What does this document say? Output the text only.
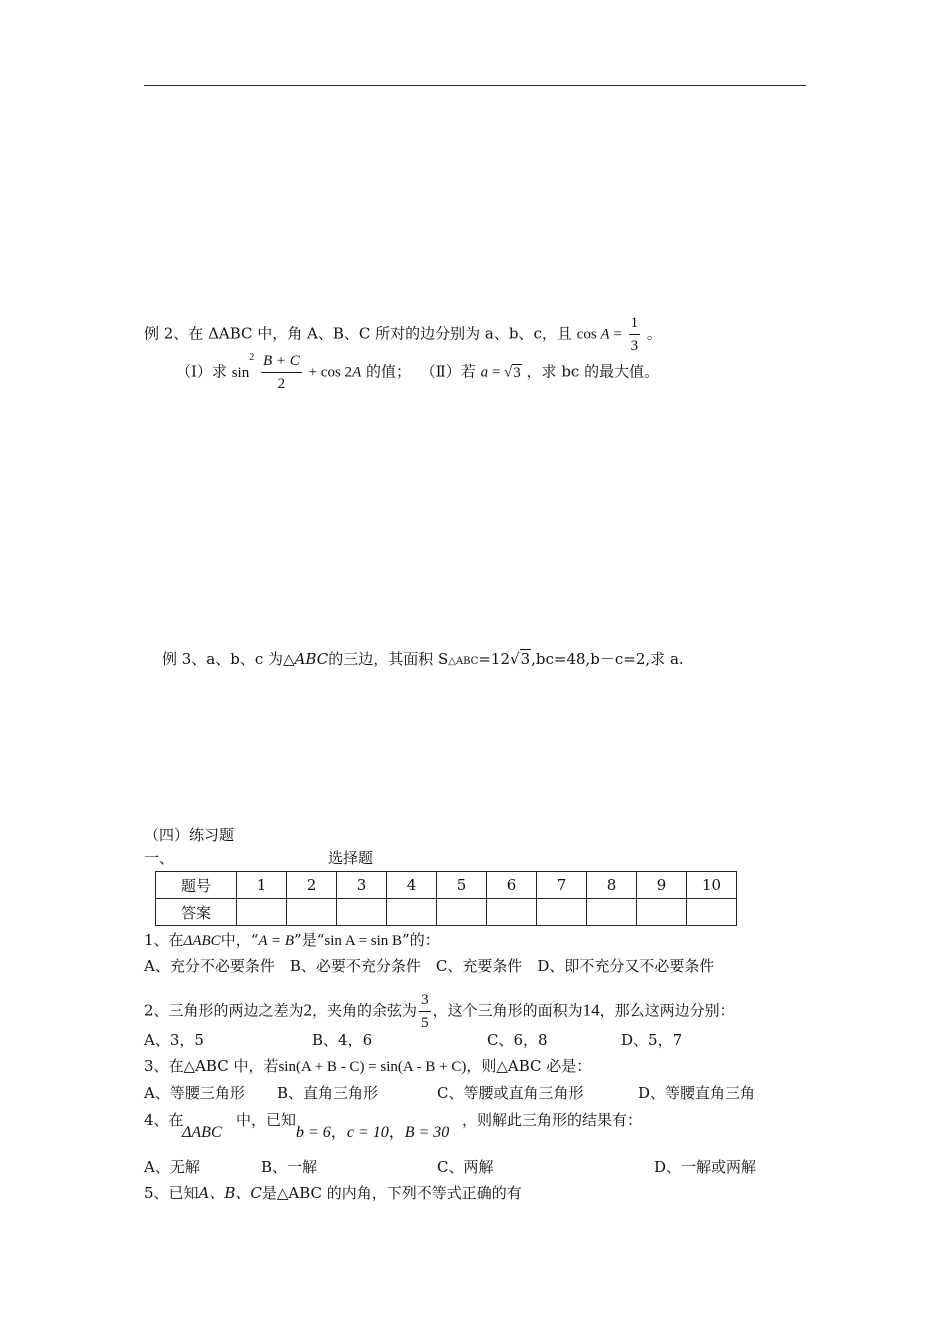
例 2、在 ΔABC 中，角 A、B、C 所对的边分别为 a、b、c，且 $\cos A = \frac{1}{3}$ 。
（Ⅰ）求 $\sin^2 \frac{B + C}{2} + \cos 2A$ 的值； （Ⅱ）若 a = √3 ，求 bc 的最大值。
例 3、a、b、c 为△ABC的三边，其面积 S△ABC=12√3,bc=48,b－c=2,求 a.
（四）练习题
一、	选择题
题号	1	2	3	4	5	6	7	8	9	10
答案										
1、在ΔABC中，“A = B”是“sin A = sin B”的：
A、充分不必要条件　B、必要不充分条件　C、充要条件　D、即不充分又不必要条件
2、三角形的两边之差为2，夹角的余弦为 $\frac{3}{5}$ ，这个三角形的面积为14，那么这两边分别：
A、3，5	B、4，6	C、6，8	D、5，7
3、在△ABC 中，若sin(A + B - C) = sin(A - B + C)，则△ABC 必是：
A、等腰三角形 B、直角三角形	C、等腰或直角三角形	D、等腰直角三角
4、在
ΔABC
中，已知
b = 6，c = 10，B = 30
，则解此三角形的结果有：
A、无解	B、一解	C、两解	D、一解或两解
5、已知A、B、C是△ABC 的内角，下列不等式正确的有
